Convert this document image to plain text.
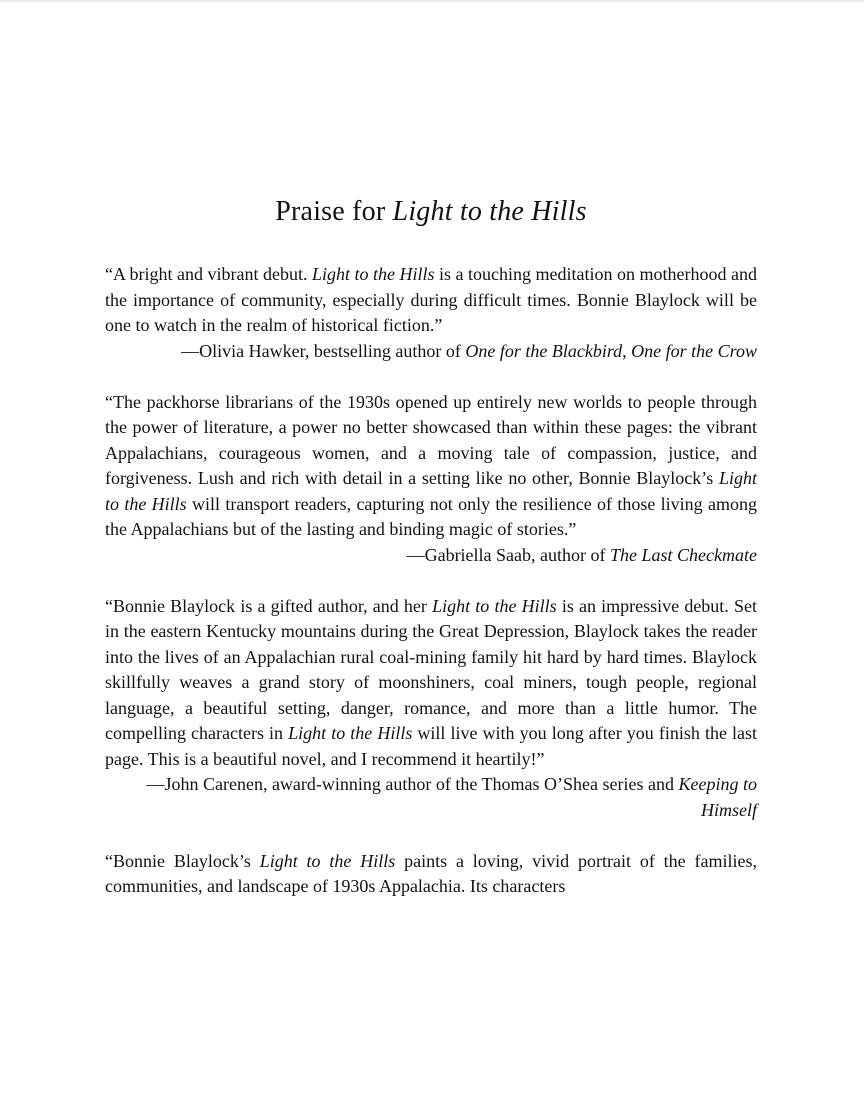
Praise for Light to the Hills

“A bright and vibrant debut. Light to the Hills is a touching meditation on motherhood and the importance of community, especially during difficult times. Bonnie Blaylock will be one to watch in the realm of historical fiction.”

—Olivia Hawker, bestselling author of One for the Blackbird, One for the Crow

“The packhorse librarians of the 1930s opened up entirely new worlds to people through the power of literature, a power no better showcased than within these pages: the vibrant Appalachians, courageous women, and a moving tale of compassion, justice, and forgiveness. Lush and rich with detail in a setting like no other, Bonnie Blaylock’s Light to the Hills will transport readers, capturing not only the resilience of those living among the Appalachians but of the lasting and binding magic of stories.”

—Gabriella Saab, author of The Last Checkmate

“Bonnie Blaylock is a gifted author, and her Light to the Hills is an impressive debut. Set in the eastern Kentucky mountains during the Great Depression, Blaylock takes the reader into the lives of an Appalachian rural coal-mining family hit hard by hard times. Blaylock skillfully weaves a grand story of moonshiners, coal miners, tough people, regional language, a beautiful setting, danger, romance, and more than a little humor. The compelling characters in Light to the Hills will live with you long after you finish the last page. This is a beautiful novel, and I recommend it heartily!”

—John Carenen, award-winning author of the Thomas O’Shea series and Keeping to Himself

“Bonnie Blaylock’s Light to the Hills paints a loving, vivid portrait of the families, communities, and landscape of 1930s Appalachia. Its characters
